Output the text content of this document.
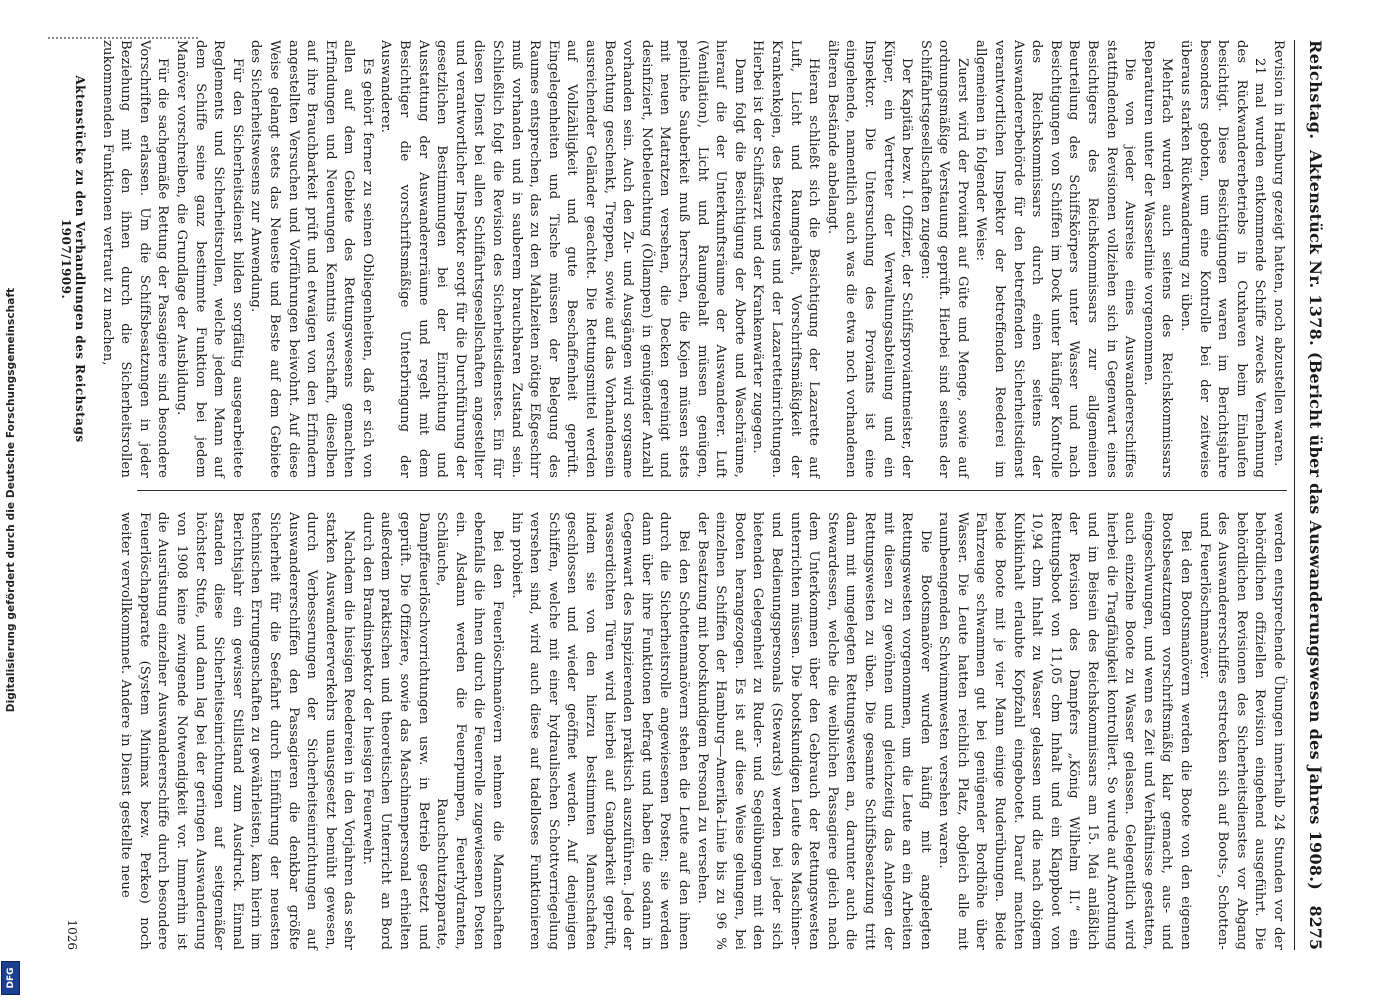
Digitalisierung gefördert durch die Deutsche Forschungsgemeinschaft
DFG
Reichstag.
Aktenstück Nr. 1378. (Bericht über das Auswanderungswesen des Jahres 1908.)
8275

Revision in Hamburg gezeigt hatten, noch abzustellen waren.

21 mal wurden entkommende Schiffe zwecks Vernehmung des Rückwandererbetriebs in Cuxhaven beim Einlaufen besichtigt. Diese Besichtigungen waren im Berichtsjahre besonders geboten, um eine Kontrolle bei der zeitweise überaus starken Rückwanderung zu üben.

Mehrfach wurden auch seitens des Reichskommissars Reparaturen unter der Wasserlinie vorgenommen.

Die von jeder Ausreise eines Auswandererschiffes stattfindenden Revisionen vollziehen sich in Gegenwart eines Besichtigers des Reichskommissars zur allgemeinen Beurteilung des Schiffskörpers unter Wasser und nach Besichtigungen von Schiffen im Dock unter häufiger Kontrolle des Reichskommissars durch einen seitens der Auswandererbehörde für den betreffenden Sicherheitsdienst verantwortlichen Inspektor der betreffenden Reederei im allgemeinen in folgender Weise:

Zuerst wird der Proviant auf Güte und Menge, sowie auf ordnungsmäßige Verstauung geprüft. Hierbei sind seitens der Schiffahrtsgesellschaften zugegen:

Der Kapitän bezw. I. Offizier, der Schiffsproviantmeister, der Küper, ein Vertreter der Verwaltungsabteilung und ein Inspektor. Die Untersuchung des Proviants ist eine eingehende, namentlich auch was die etwa noch vorhandenen älteren Bestände anbelangt.

Hieran schließt sich die Besichtigung der Lazarette auf Luft, Licht und Raumgehalt, Vorschriftsmäßigkeit der Krankenkojen, des Bettzeuges und der Lazaretteinrichtungen. Hierbei ist der Schiffsarzt und der Krankenwärter zugegen.

Dann folgt die Besichtigung der Aborte und Waschräume, hierauf die der Unterkunftsräume der Auswanderer. Luft (Ventilation), Licht und Raumgehalt müssen genügen, peinliche Sauberkeit muß herrschen, die Kojen müssen stets mit neuen Matratzen versehen, die Decken gereinigt und desinfiziert, Notbeleuchtung (Öllampen) in genügender Anzahl vorhanden sein. Auch den Zu- und Ausgängen wird sorgsame Beachtung geschenkt, Treppen, sowie auf das Vorhandensein ausreichender Geländer geachtet. Die Rettungsmittel werden auf Vollzähligkeit und gute Beschaffenheit geprüft. Eingelegenheiten und Tische müssen der Belegung des Raumes entsprechen, das zu den Mahlzeiten nötige Eßgeschirr muß vorhanden und in sauberem brauchbaren Zustand sein. Schließlich folgt die Revision des Sicherheitsdienstes. Ein für diesen Dienst bei allen Schiffahrtsgesellschaften angestellter und verantwortlicher Inspektor sorgt für die Durchführung der gesetzlichen Bestimmungen bei der Einrichtung und Ausstattung der Auswandererräume und regelt mit dem Besichtiger die vorschriftsmäßige Unterbringung der Auswanderer.

Es gehört ferner zu seinen Obliegenheiten, daß er sich von allen auf dem Gebiete des Rettungswesens gemachten Erfindungen und Neuerungen Kenntnis verschafft, dieselben auf ihre Brauchbarkeit prüft und etwaigen von den Erfindern angestellten Versuchen und Vorführungen beiwohnt. Auf diese Weise gelangt stets das Neueste und Beste auf dem Gebiete des Sicherheitswesens zur Anwendung.

Für den Sicherheitsdienst bilden sorgfältig ausgearbeitete Reglements und Sicherheitsrollen, welche jedem Mann auf dem Schiffe seine ganz bestimmte Funktion bei jedem Manöver vorschreiben, die Grundlage der Ausbildung.

Für die sachgemäße Rettung der Passagiere sind besondere Vorschriften erlassen. Um die Schiffsbesatzungen in jeder Beziehung mit den ihnen durch die Sicherheitsrollen zukommenden Funktionen vertraut zu machen,

werden entsprechende Übungen innerhalb 24 Stunden vor der behördlichen offiziellen Revision eingehend ausgeführt. Die behördlichen Revisionen des Sicherheitsdienstes vor Abgang des Auswandererschiffes erstrecken sich auf Boots-, Schotten- und Feuerlöschmanöver.

Bei den Bootsmanövern werden die Boote von den eigenen Bootsbesatzungen vorschriftsmäßig klar gemacht, aus- und eingeschwungen, und wenn es Zeit und Verhältnisse gestatten, auch einzelne Boote zu Wasser gelassen. Gelegentlich wird hierbei die Tragfähigkeit kontrolliert. So wurde auf Anordnung und im Beisein des Reichskommissars am 15. Mai anläßlich der Revision des Dampfers „König Wilhelm II.“ ein Rettungsboot von 11,05 cbm Inhalt und ein Klappboot von 10,94 cbm Inhalt zu Wasser gelassen und die nach obigem Kubikinhalt erlaubte Kopfzahl eingebootet. Darauf machten beide Boote mit je vier Mann einige Ruderübungen. Beide Fahrzeuge schwammen gut bei genügender Bordhöhe über Wasser. Die Leute hatten reichlich Platz, obgleich alle mit raumbeengenden Schwimmwesten versehen waren.

Die Bootsmanöver wurden häufig mit angelegten Rettungswesten vorgenommen, um die Leute an ein Arbeiten mit diesen zu gewöhnen und gleichzeitig das Anlegen der Rettungswesten zu üben. Die gesamte Schiffsbesatzung tritt dann mit umgelegten Rettungswesten an, darunter auch die Stewardessen, welche die weiblichen Passagiere gleich nach dem Unterkommen über den Gebrauch der Rettungswesten unterrichten müssen. Die bootskundigen Leute des Maschinen- und Bedienungspersonals (Stewards) werden bei jeder sich bietenden Gelegenheit zu Ruder- und Segelübungen mit den Booten herangezogen. Es ist auf diese Weise gelungen, bei einzelnen Schiffen der Hamburg—Amerika-Linie bis zu 96 % der Besatzung mit bootskundigem Personal zu versehen.

Bei den Schottenmanövern stehen die Leute auf den ihnen durch die Sicherheitsrolle angewiesenen Posten; sie werden dann über ihre Funktionen befragt und haben die sodann in Gegenwart des Inspizierenden praktisch auszuführen. Jede der wasserdichten Türen wird hierbei auf Gangbarkeit geprüft, indem sie von den hierzu bestimmten Mannschaften geschlossen und wieder geöffnet werden. Auf denjenigen Schiffen, welche mit einer hydraulischen Schottverriegelung versehen sind, wird auch diese auf tadelloses Funktionieren hin probiert.

Bei den Feuerlöschmanövern nehmen die Mannschaften ebenfalls die ihnen durch die Feuerrolle zugewiesenen Posten ein. Alsdann werden die Feuerpumpen, Feuerhydranten, Schläuche, Rauchschutzapparate, Dampffeuerlöschvorrichtungen usw. in Betrieb gesetzt und geprüft. Die Offiziere, sowie das Maschinenpersonal erhielten außerdem praktischen und theoretischen Unterricht an Bord durch den Brandinspektor der hiesigen Feuerwehr.

Nachdem die hiesigen Reedereien in den Vorjahren das sehr starken Auswandererverkehrs unausgesetzt bemüht gewesen, durch Verbesserungen der Sicherheitseinrichtungen auf Auswandererschiffen den Passagieren die denkbar größte Sicherheit für die Seefahrt durch Einführung der neuesten technischen Errungenschaften zu gewährleisten, kam hierin im Berichtsjahr ein gewisser Stillstand zum Ausdruck. Einmal standen diese Sicherheitseinrichtungen auf seitgemäßer höchster Stufe, und dann lag bei der geringen Auswanderung von 1908 keine zwingende Notwendigkeit vor. Immerhin ist die Ausrüstung einzelner Auswandererschiffe durch besondere Feuerlöschapparate (System Minimax bezw. Perkeo) noch weiter vervollkommnet. Andere in Dienst gestellte neue

Aktenstücke zu den Verhandlungen des Reichstags 1907/1909.
1026
